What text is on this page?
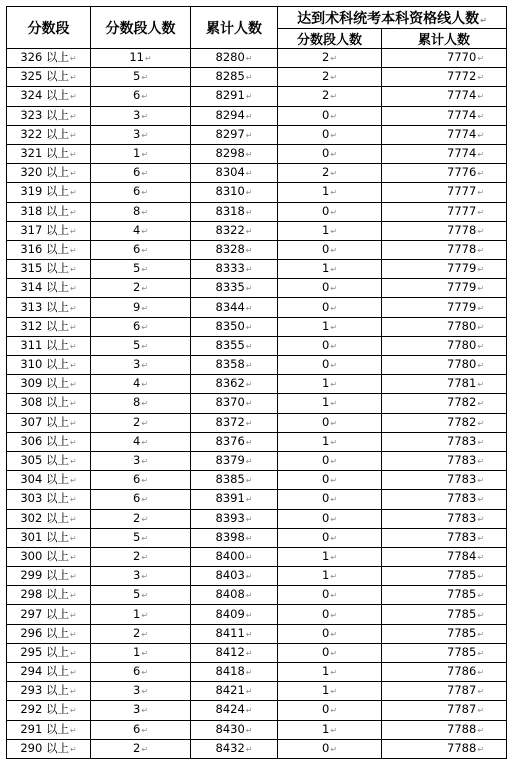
分数段	分数段人数	累计人数	达到术科统考本科资格线人数↵	
			分数段人数	累计人数
326 以上↵	11↵	8280↵	2↵	7770↵
325 以上↵	5↵	8285↵	2↵	7772↵
324 以上↵	6↵	8291↵	2↵	7774↵
323 以上↵	3↵	8294↵	0↵	7774↵
322 以上↵	3↵	8297↵	0↵	7774↵
321 以上↵	1↵	8298↵	0↵	7774↵
320 以上↵	6↵	8304↵	2↵	7776↵
319 以上↵	6↵	8310↵	1↵	7777↵
318 以上↵	8↵	8318↵	0↵	7777↵
317 以上↵	4↵	8322↵	1↵	7778↵
316 以上↵	6↵	8328↵	0↵	7778↵
315 以上↵	5↵	8333↵	1↵	7779↵
314 以上↵	2↵	8335↵	0↵	7779↵
313 以上↵	9↵	8344↵	0↵	7779↵
312 以上↵	6↵	8350↵	1↵	7780↵
311 以上↵	5↵	8355↵	0↵	7780↵
310 以上↵	3↵	8358↵	0↵	7780↵
309 以上↵	4↵	8362↵	1↵	7781↵
308 以上↵	8↵	8370↵	1↵	7782↵
307 以上↵	2↵	8372↵	0↵	7782↵
306 以上↵	4↵	8376↵	1↵	7783↵
305 以上↵	3↵	8379↵	0↵	7783↵
304 以上↵	6↵	8385↵	0↵	7783↵
303 以上↵	6↵	8391↵	0↵	7783↵
302 以上↵	2↵	8393↵	0↵	7783↵
301 以上↵	5↵	8398↵	0↵	7783↵
300 以上↵	2↵	8400↵	1↵	7784↵
299 以上↵	3↵	8403↵	1↵	7785↵
298 以上↵	5↵	8408↵	0↵	7785↵
297 以上↵	1↵	8409↵	0↵	7785↵
296 以上↵	2↵	8411↵	0↵	7785↵
295 以上↵	1↵	8412↵	0↵	7785↵
294 以上↵	6↵	8418↵	1↵	7786↵
293 以上↵	3↵	8421↵	1↵	7787↵
292 以上↵	3↵	8424↵	0↵	7787↵
291 以上↵	6↵	8430↵	1↵	7788↵
290 以上↵	2↵	8432↵	0↵	7788↵
